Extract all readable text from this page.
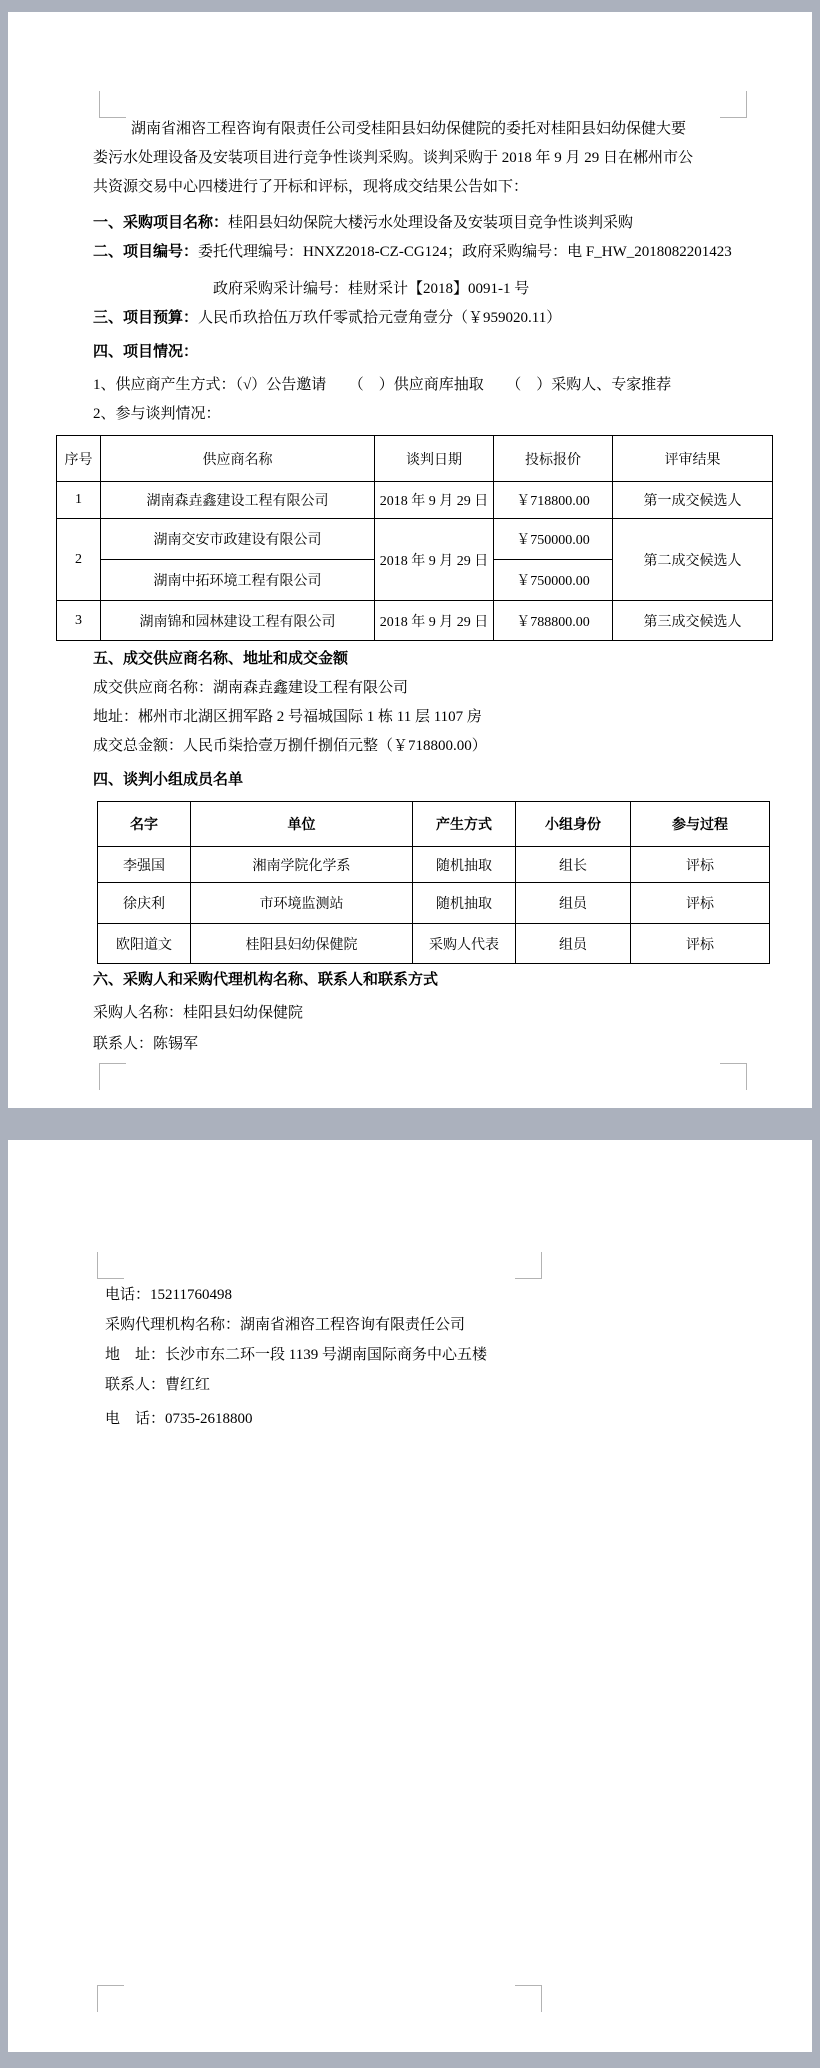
湖南省湘咨工程咨询有限责任公司受桂阳县妇幼保健院的委托对桂阳县妇幼保健大要

娄污水处理设备及安装项目进行竞争性谈判采购。谈判采购于 2018 年 9 月 29 日在郴州市公

共资源交易中心四楼进行了开标和评标，现将成交结果公告如下：

一、采购项目名称：桂阳县妇幼保院大楼污水处理设备及安装项目竞争性谈判采购

二、项目编号：委托代理编号：HNXZ2018-CZ-CG124；政府采购编号：电 F_HW_2018082201423

政府采购采计编号：桂财采计【2018】0091-1 号

三、项目预算：人民币玖拾伍万玖仟零贰拾元壹角壹分（￥959020.11）

四、项目情况：

1、供应商产生方式：（√）公告邀请　　（　）供应商库抽取　　（　）采购人、专家推荐

2、参与谈判情况：

序号	供应商名称	谈判日期	投标报价	评审结果
1	湖南森垚鑫建设工程有限公司	2018 年 9 月 29 日	￥718800.00	第一成交候选人
2	湖南交安市政建设有限公司	2018 年 9 月 29 日	￥750000.00	第二成交候选人
	湖南中拓环境工程有限公司		￥750000.00	
3	湖南锦和园林建设工程有限公司	2018 年 9 月 29 日	￥788800.00	第三成交候选人

五、成交供应商名称、地址和成交金额

成交供应商名称：湖南森垚鑫建设工程有限公司

地址：郴州市北湖区拥军路 2 号福城国际 1 栋 11 层 1107 房

成交总金额：人民币柒拾壹万捌仟捌佰元整（￥718800.00）

四、谈判小组成员名单

名字	单位	产生方式	小组身份	参与过程
李强国	湘南学院化学系	随机抽取	组长	评标
徐庆利	市环境监测站	随机抽取	组员	评标
欧阳道文	桂阳县妇幼保健院	采购人代表	组员	评标

六、采购人和采购代理机构名称、联系人和联系方式

采购人名称：桂阳县妇幼保健院

联系人：陈锡军

电话：15211760498

采购代理机构名称：湖南省湘咨工程咨询有限责任公司

地　址：长沙市东二环一段 1139 号湖南国际商务中心五楼

联系人：曹红红

电　话：0735-2618800
